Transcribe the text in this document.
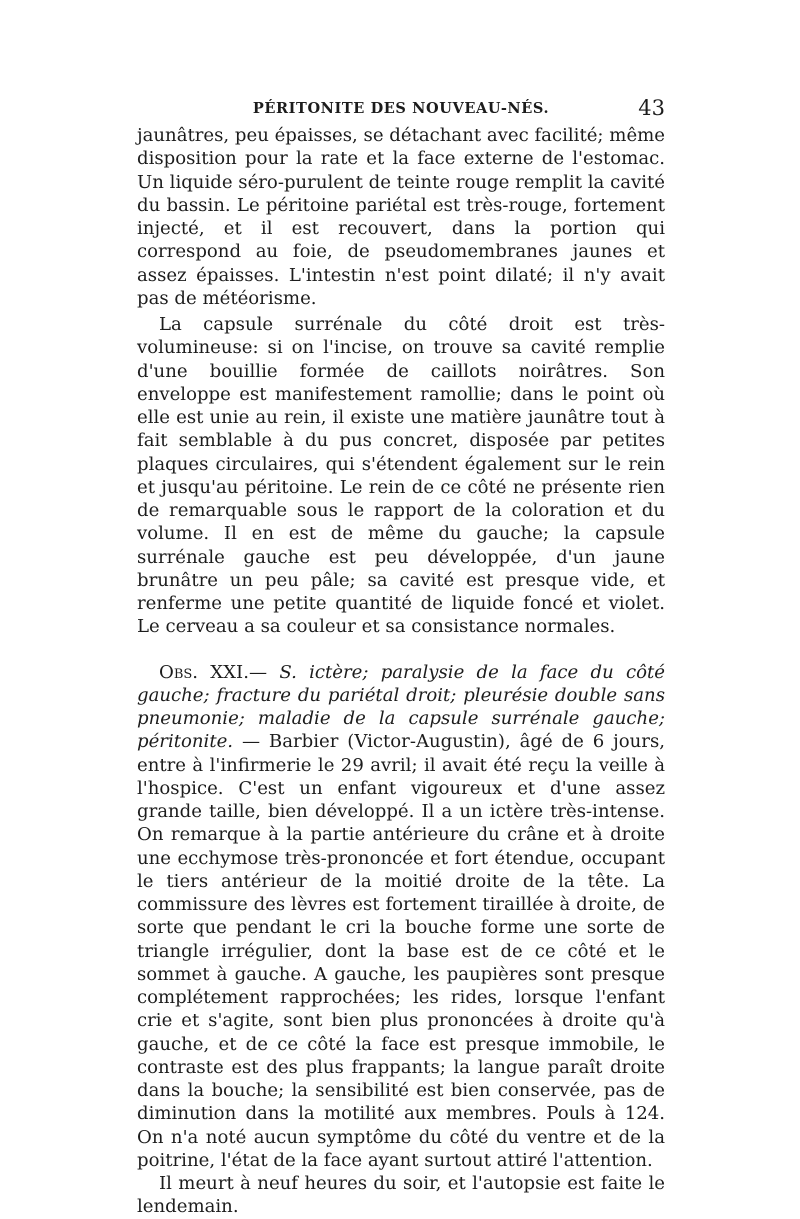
PÉRITONITE DES NOUVEAU-NÉS.	43

jaunâtres, peu épaisses, se détachant avec facilité; même disposition pour la rate et la face externe de l'estomac. Un liquide séro-purulent de teinte rouge remplit la cavité du bassin. Le péritoine pariétal est très-rouge, fortement injecté, et il est recouvert, dans la portion qui correspond au foie, de pseudomembranes jaunes et assez épaisses. L'intestin n'est point dilaté; il n'y avait pas de météorisme.

La capsule surrénale du côté droit est très-volumineuse: si on l'incise, on trouve sa cavité remplie d'une bouillie formée de caillots noirâtres. Son enveloppe est manifestement ramollie; dans le point où elle est unie au rein, il existe une matière jaunâtre tout à fait semblable à du pus concret, disposée par petites plaques circulaires, qui s'étendent également sur le rein et jusqu'au péritoine. Le rein de ce côté ne présente rien de remarquable sous le rapport de la coloration et du volume. Il en est de même du gauche; la capsule surrénale gauche est peu développée, d'un jaune brunâtre un peu pâle; sa cavité est presque vide, et renferme une petite quantité de liquide foncé et violet. Le cerveau a sa couleur et sa consistance normales.

Obs. XXI.— S. ictère; paralysie de la face du côté gauche; fracture du pariétal droit; pleurésie double sans pneumonie; maladie de la capsule surrénale gauche; péritonite. — Barbier (Victor-Augustin), âgé de 6 jours, entre à l'infirmerie le 29 avril; il avait été reçu la veille à l'hospice. C'est un enfant vigoureux et d'une assez grande taille, bien développé. Il a un ictère très-intense. On remarque à la partie antérieure du crâne et à droite une ecchymose très-prononcée et fort étendue, occupant le tiers antérieur de la moitié droite de la tête. La commissure des lèvres est fortement tiraillée à droite, de sorte que pendant le cri la bouche forme une sorte de triangle irrégulier, dont la base est de ce côté et le sommet à gauche. A gauche, les paupières sont presque complétement rapprochées; les rides, lorsque l'enfant crie et s'agite, sont bien plus prononcées à droite qu'à gauche, et de ce côté la face est presque immobile, le contraste est des plus frappants; la langue paraît droite dans la bouche; la sensibilité est bien conservée, pas de diminution dans la motilité aux membres. Pouls à 124. On n'a noté aucun symptôme du côté du ventre et de la poitrine, l'état de la face ayant surtout attiré l'attention.

Il meurt à neuf heures du soir, et l'autopsie est faite le lendemain.
